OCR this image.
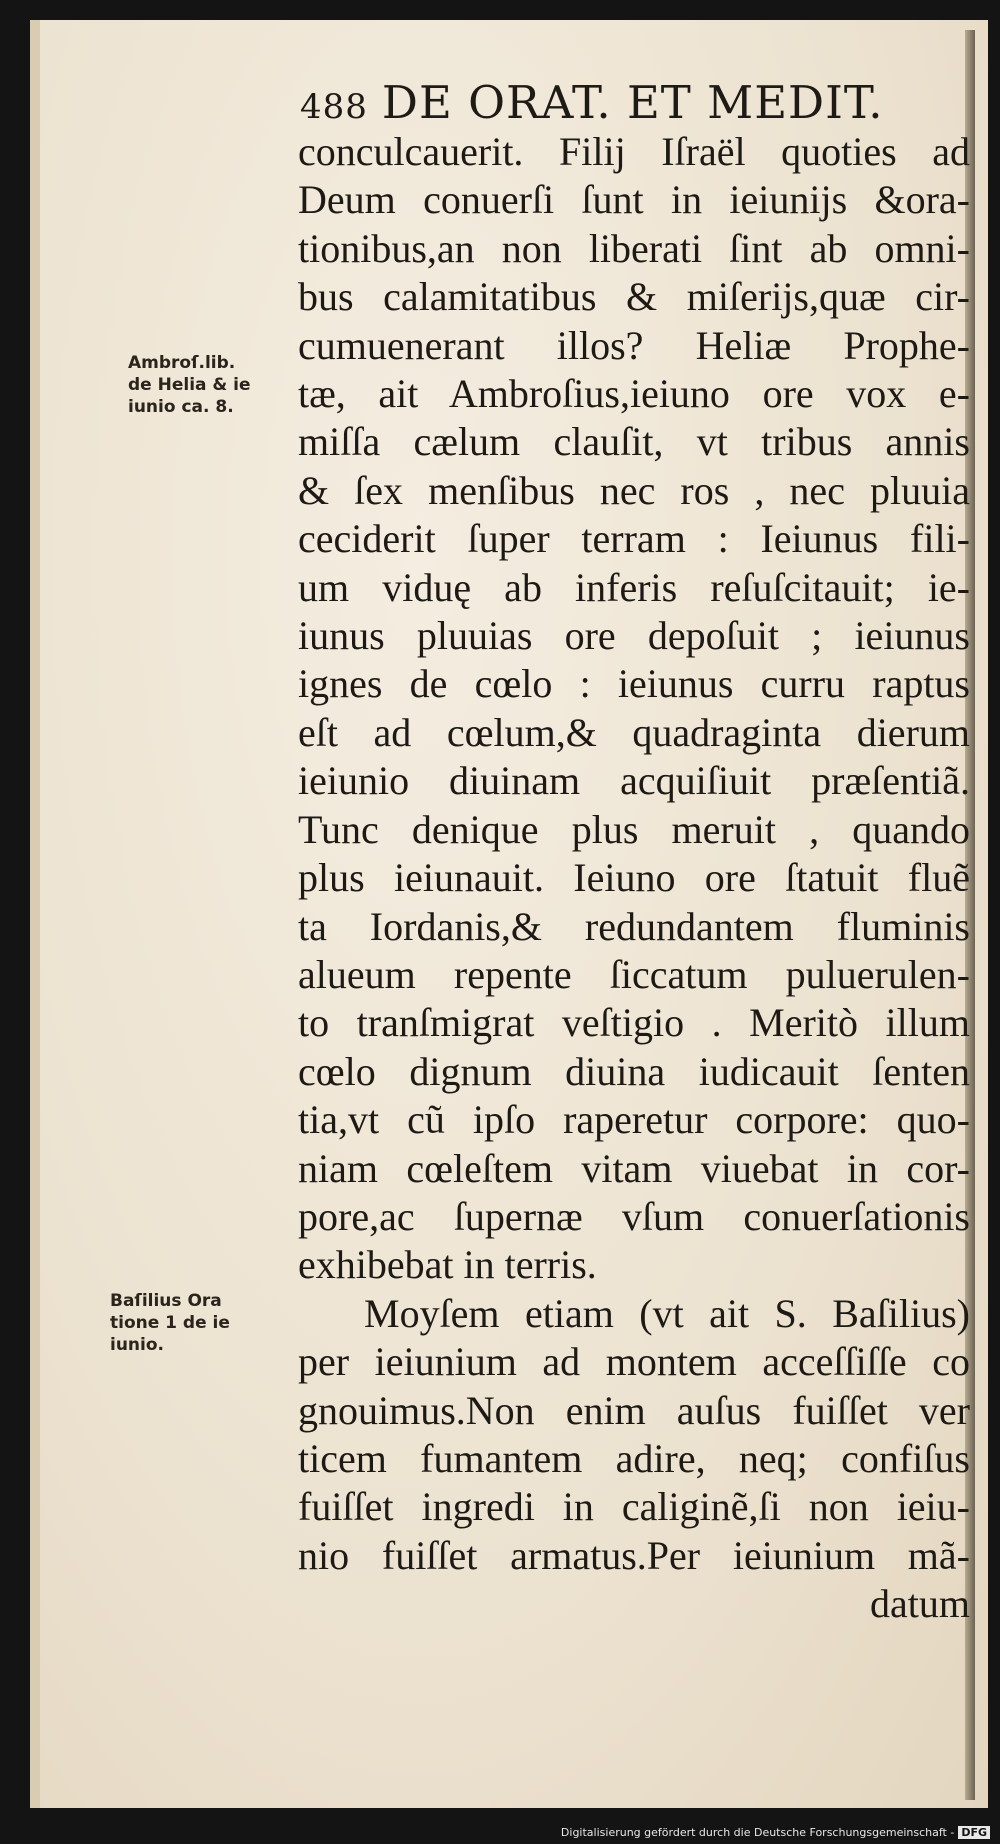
488 DE ORAT. ET MEDIT.
Ambroſ.lib.
de Helia & ie
iunio ca. 8.
Baſilius Ora
tione 1 de ie
iunio.
conculcauerit. Filij Iſraël quoties ad
Deum conuerſi ſunt in ieiunijs &ora-
tionibus,an non liberati ſint ab omni-
bus calamitatibus & miſerijs,quæ cir-
cumuenerant illos? Heliæ Prophe-
tæ, ait Ambroſius,ieiuno ore vox e-
miſſa cælum clauſit, vt tribus annis
& ſex menſibus nec ros , nec pluuia
ceciderit ſuper terram : Ieiunus fili-
um viduę ab inferis reſuſcitauit; ie-
iunus pluuias ore depoſuit ; ieiunus
ignes de cœlo : ieiunus curru raptus
eſt ad cœlum,& quadraginta dierum
ieiunio diuinam acquiſiuit præſentiã.
Tunc denique plus meruit , quando
plus ieiunauit. Ieiuno ore ſtatuit fluẽ
ta Iordanis,& redundantem fluminis
alueum repente ſiccatum puluerulen-
to tranſmigrat veſtigio . Meritò illum
cœlo dignum diuina iudicauit ſenten
tia,vt cũ ipſo raperetur corpore: quo-
niam cœleſtem vitam viuebat in cor-
pore,ac ſupernæ vſum conuerſationis
exhibebat in terris.
Moyſem etiam (vt ait S. Baſilius)
per ieiunium ad montem acceſſiſſe co
gnouimus.Non enim auſus fuiſſet ver
ticem fumantem adire, neq; confiſus
fuiſſet ingredi in caliginẽ,ſi non ieiu-
nio fuiſſet armatus.Per ieiunium mã-
datum
Digitalisierung gefördert durch die Deutsche Forschungsgemeinschaft - DFG
